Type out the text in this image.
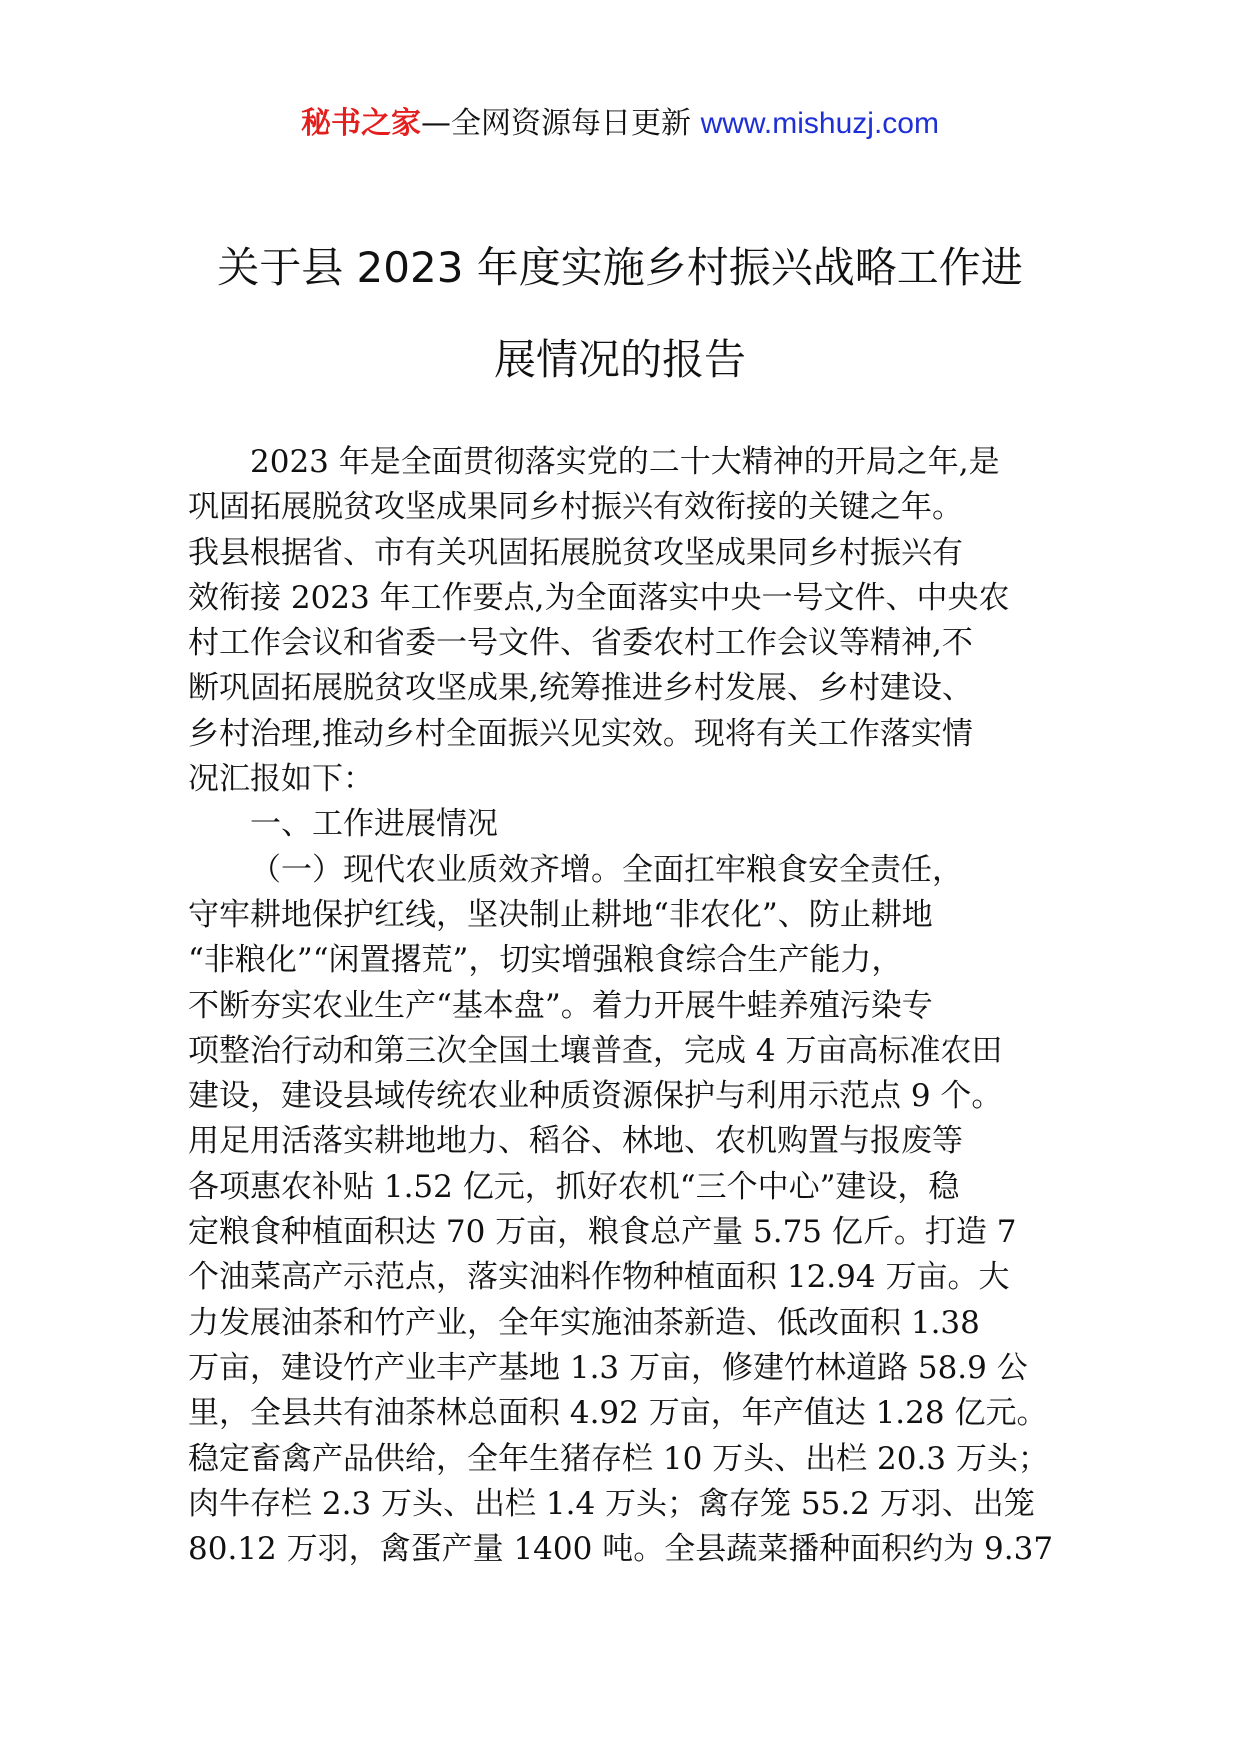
秘书之家—全网资源每日更新 www.mishuzj.com
关于县 2023 年度实施乡村振兴战略工作进
展情况的报告
2023 年是全面贯彻落实党的二十大精神的开局之年,是
巩固拓展脱贫攻坚成果同乡村振兴有效衔接的关键之年。
我县根据省、市有关巩固拓展脱贫攻坚成果同乡村振兴有
效衔接 2023 年工作要点,为全面落实中央一号文件、中央农
村工作会议和省委一号文件、省委农村工作会议等精神,不
断巩固拓展脱贫攻坚成果,统筹推进乡村发展、乡村建设、
乡村治理,推动乡村全面振兴见实效。现将有关工作落实情
况汇报如下：
一、工作进展情况
（一）现代农业质效齐增。全面扛牢粮食安全责任，
守牢耕地保护红线，坚决制止耕地“非农化”、防止耕地
“非粮化”“闲置撂荒”，切实增强粮食综合生产能力，
不断夯实农业生产“基本盘”。着力开展牛蛙养殖污染专
项整治行动和第三次全国土壤普查，完成 4 万亩高标准农田
建设，建设县域传统农业种质资源保护与利用示范点 9 个。
用足用活落实耕地地力、稻谷、林地、农机购置与报废等
各项惠农补贴 1.52 亿元，抓好农机“三个中心”建设，稳
定粮食种植面积达 70 万亩，粮食总产量 5.75 亿斤。打造 7
个油菜高产示范点，落实油料作物种植面积 12.94 万亩。大
力发展油茶和竹产业，全年实施油茶新造、低改面积 1.38
万亩，建设竹产业丰产基地 1.3 万亩，修建竹林道路 58.9 公
里，全县共有油茶林总面积 4.92 万亩，年产值达 1.28 亿元。
稳定畜禽产品供给，全年生猪存栏 10 万头、出栏 20.3 万头；
肉牛存栏 2.3 万头、出栏 1.4 万头；禽存笼 55.2 万羽、出笼
80.12 万羽，禽蛋产量 1400 吨。全县蔬菜播种面积约为 9.37
